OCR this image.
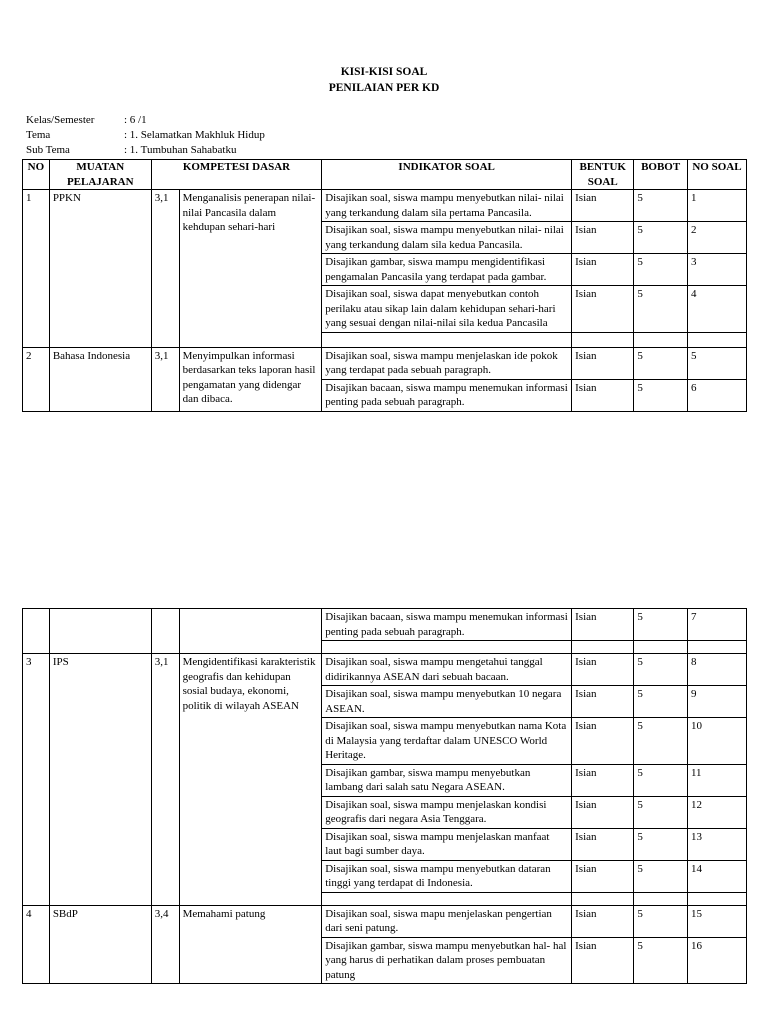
KISI-KISI SOAL
PENILAIAN PER KD
Kelas/Semester	: 6 /1
Tema	: 1. Selamatkan Makhluk Hidup
Sub Tema	: 1. Tumbuhan Sahabatku
NO	MUATAN PELAJARAN	KOMPETESI DASAR		INDIKATOR SOAL	BENTUK SOAL	BOBOT	NO SOAL
1	PPKN	3,1	Menganalisis penerapan nilai-nilai Pancasila dalam kehdupan sehari-hari	Disajikan soal, siswa mampu menyebutkan nilai- nilai yang terkandung dalam sila pertama Pancasila.	Isian	5	1
				Disajikan soal, siswa mampu menyebutkan nilai- nilai yang terkandung dalam sila kedua Pancasila.	Isian	5	2
				Disajikan gambar, siswa mampu mengidentifikasi pengamalan Pancasila yang terdapat pada gambar.	Isian	5	3
				Disajikan soal, siswa dapat menyebutkan contoh perilaku atau sikap lain dalam kehidupan sehari-hari yang sesuai dengan nilai-nilai sila kedua Pancasila	Isian	5	4

2	Bahasa Indonesia	3,1	Menyimpulkan informasi berdasarkan teks laporan hasil pengamatan yang didengar dan dibaca.	Disajikan soal, siswa mampu menjelaskan ide pokok yang terdapat pada sebuah paragraph.	Isian	5	5
				Disajikan bacaan, siswa mampu menemukan informasi penting pada sebuah paragraph.	Isian	5	6
				Disajikan bacaan, siswa mampu menemukan informasi penting pada sebuah paragraph.	Isian	5	7

3	IPS	3,1	Mengidentifikasi karakteristik geografis dan kehidupan sosial budaya, ekonomi, politik di wilayah ASEAN	Disajikan soal, siswa mampu mengetahui tanggal didirikannya ASEAN dari sebuah bacaan.	Isian	5	8
				Disajikan soal, siswa mampu menyebutkan 10 negara ASEAN.	Isian	5	9
				Disajikan soal, siswa mampu menyebutkan nama Kota di Malaysia yang terdaftar dalam UNESCO World Heritage.	Isian	5	10
				Disajikan gambar, siswa mampu menyebutkan lambang dari salah satu Negara ASEAN.	Isian	5	11
				Disajikan soal, siswa mampu menjelaskan kondisi geografis dari negara Asia Tenggara.	Isian	5	12
				Disajikan soal, siswa mampu menjelaskan manfaat laut bagi sumber daya.	Isian	5	13
				Disajikan soal, siswa mampu menyebutkan dataran tinggi yang terdapat di Indonesia.	Isian	5	14

4	SBdP	3,4	Memahami patung	Disajikan soal, siswa mapu menjelaskan pengertian dari seni patung.	Isian	5	15
				Disajikan gambar, siswa mampu menyebutkan hal- hal yang harus di perhatikan dalam proses pembuatan patung	Isian	5	16
